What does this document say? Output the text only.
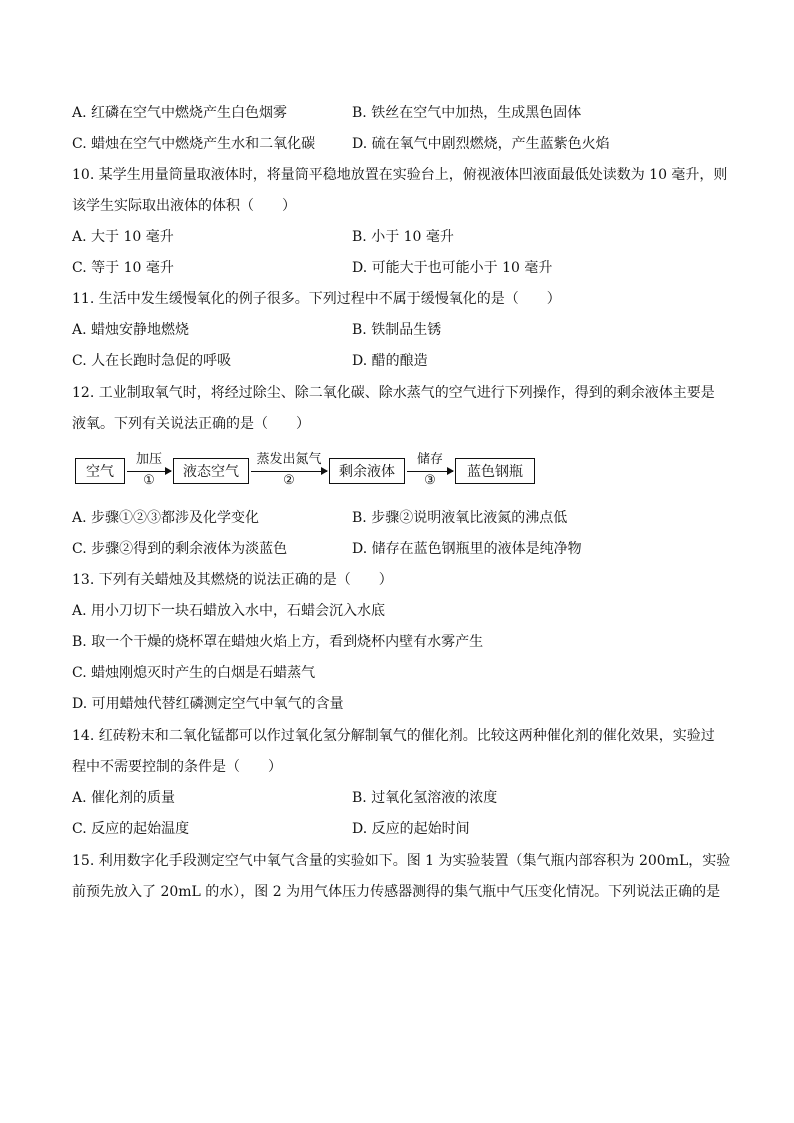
A. 红磷在空气中燃烧产生白色烟雾	B. 铁丝在空气中加热，生成黑色固体
C. 蜡烛在空气中燃烧产生水和二氧化碳	D. 硫在氧气中剧烈燃烧，产生蓝紫色火焰
10. 某学生用量筒量取液体时，将量筒平稳地放置在实验台上，俯视液体凹液面最低处读数为 10 毫升，则
该学生实际取出液体的体积（　　）
A. 大于 10 毫升	B. 小于 10 毫升
C. 等于 10 毫升	D. 可能大于也可能小于 10 毫升
11. 生活中发生缓慢氧化的例子很多。下列过程中不属于缓慢氧化的是（　　）
A. 蜡烛安静地燃烧	B. 铁制品生锈
C. 人在长跑时急促的呼吸	D. 醋的酿造
12. 工业制取氧气时，将经过除尘、除二氧化碳、除水蒸气的空气进行下列操作，得到的剩余液体主要是
液氧。下列有关说法正确的是（　　）
空气
加压
①
液态空气
蒸发出氮气
②
剩余液体
储存
③
蓝色钢瓶
A. 步骤①②③都涉及化学变化	B. 步骤②说明液氧比液氮的沸点低
C. 步骤②得到的剩余液体为淡蓝色	D. 储存在蓝色钢瓶里的液体是纯净物
13. 下列有关蜡烛及其燃烧的说法正确的是（　　）
A. 用小刀切下一块石蜡放入水中，石蜡会沉入水底
B. 取一个干燥的烧杯罩在蜡烛火焰上方，看到烧杯内壁有水雾产生
C. 蜡烛刚熄灭时产生的白烟是石蜡蒸气
D. 可用蜡烛代替红磷测定空气中氧气的含量
14. 红砖粉末和二氧化锰都可以作过氧化氢分解制氧气的催化剂。比较这两种催化剂的催化效果，实验过
程中不需要控制的条件是（　　）
A. 催化剂的质量	B. 过氧化氢溶液的浓度
C. 反应的起始温度	D. 反应的起始时间
15. 利用数字化手段测定空气中氧气含量的实验如下。图 1 为实验装置（集气瓶内部容积为 200mL，实验
前预先放入了 20mL 的水），图 2 为用气体压力传感器测得的集气瓶中气压变化情况。下列说法正确的是
